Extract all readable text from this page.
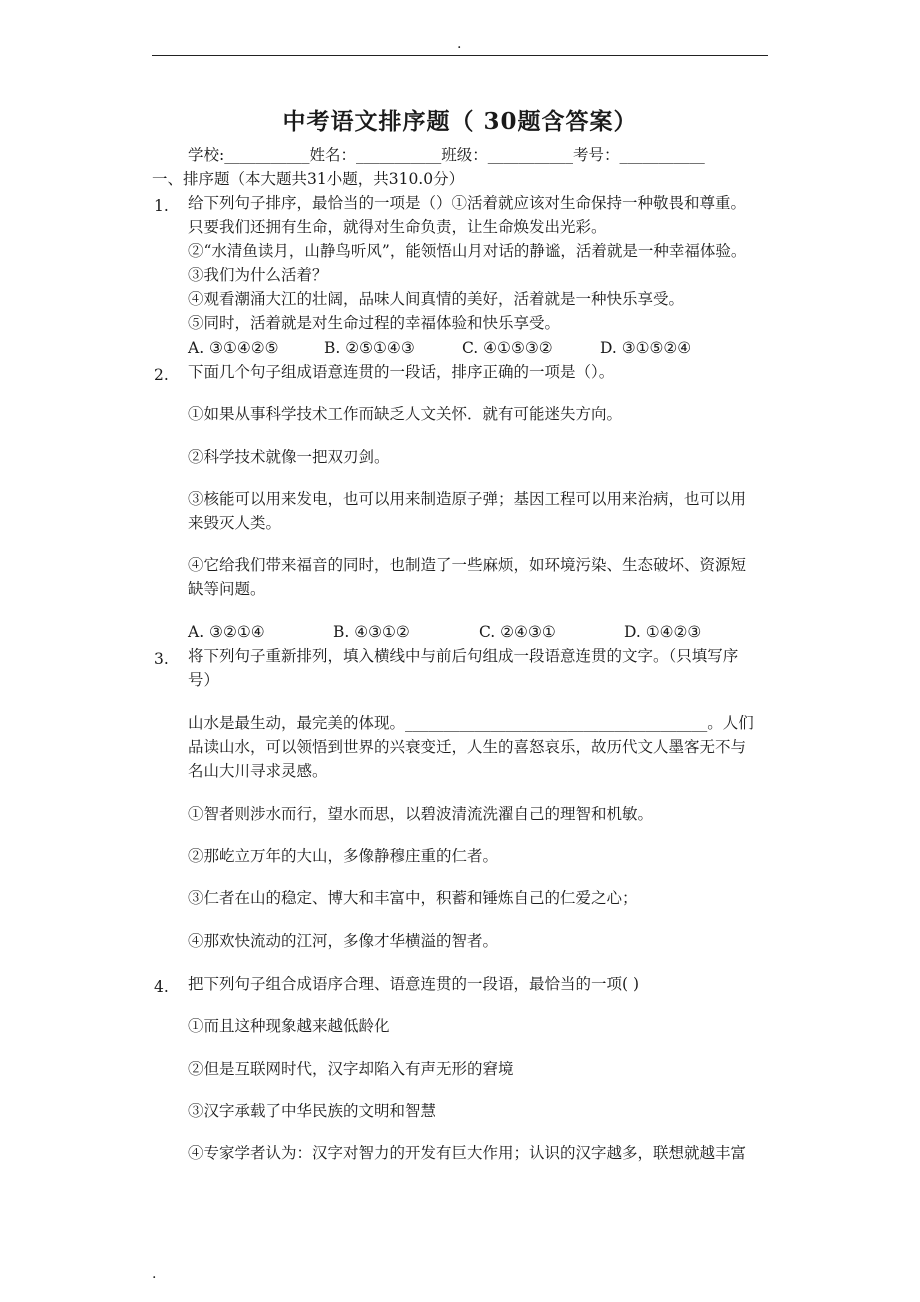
.
中考语文排序题（ 30题含答案）
学校:___________姓名：___________班级：___________考号：___________
一、排序题（本大题共31小题，共310.0分）
1. 给下列句子排序，最恰当的一项是（）①活着就应该对生命保持一种敬畏和尊重。
只要我们还拥有生命，就得对生命负责，让生命焕发出光彩。
②“水清鱼读月，山静鸟听风”，能领悟山月对话的静谧，活着就是一种幸福体验。
③我们为什么活着？
④观看潮涌大江的壮阔，品味人间真情的美好，活着就是一种快乐享受。
⑤同时，活着就是对生命过程的幸福体验和快乐享受。
A. ③①④②⑤	B. ②⑤①④③	C. ④①⑤③②	D. ③①⑤②④
2. 下面几个句子组成语意连贯的一段话，排序正确的一项是（）。
①如果从事科学技术工作而缺乏人文关怀．就有可能迷失方向。
②科学技术就像一把双刃剑。
③核能可以用来发电，也可以用来制造原子弹；基因工程可以用来治病，也可以用
来毁灭人类。
④它给我们带来福音的同时，也制造了一些麻烦，如环境污染、生态破坏、资源短
缺等问题。
A. ③②①④	B. ④③①②	C. ②④③①	D. ①④②③
3. 将下列句子重新排列，填入横线中与前后句组成一段语意连贯的文字。（只填写序
号）
山水是最生动，最完美的体现。_______________________________________。人们
品读山水，可以领悟到世界的兴衰变迁，人生的喜怒哀乐，故历代文人墨客无不与
名山大川寻求灵感。
①智者则涉水而行，望水而思，以碧波清流洗濯自己的理智和机敏。
②那屹立万年的大山，多像静穆庄重的仁者。
③仁者在山的稳定、博大和丰富中，积蓄和锤炼自己的仁爱之心；
④那欢快流动的江河，多像才华横溢的智者。
4. 把下列句子组合成语序合理、语意连贯的一段语，最恰当的一项( )
①而且这种现象越来越低龄化
②但是互联网时代，汉字却陷入有声无形的窘境
③汉字承载了中华民族的文明和智慧
④专家学者认为：汉字对智力的开发有巨大作用；认识的汉字越多，联想就越丰富
.
